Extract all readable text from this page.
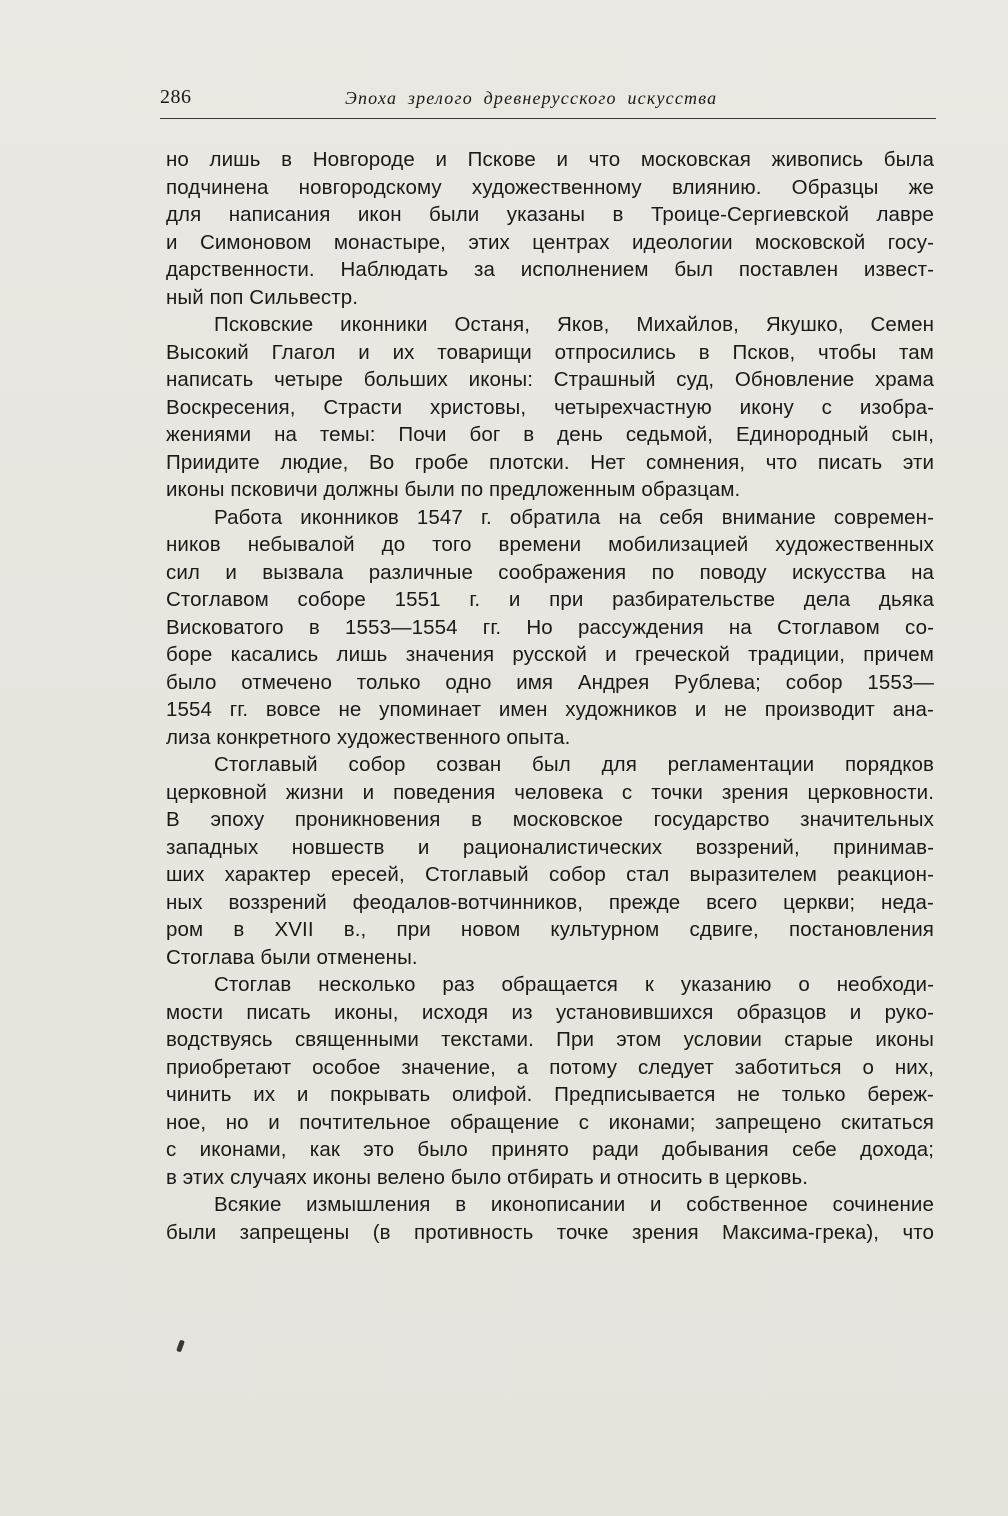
286	Эпоха зрелого древнерусского искусства
но лишь в Новгороде и Пскове и что московская живопись была
подчинена новгородскому художественному влиянию. Образцы же
для написания икон были указаны в Троице-Сергиевской лавре
и Симоновом монастыре, этих центрах идеологии московской госу-
дарственности. Наблюдать за исполнением был поставлен извест-
ный поп Сильвестр.
Псковские иконники Останя, Яков, Михайлов, Якушко, Семен
Высокий Глагол и их товарищи отпросились в Псков, чтобы там
написать четыре больших иконы: Страшный суд, Обновление храма
Воскресения, Страсти христовы, четырехчастную икону с изобра-
жениями на темы: Почи бог в день седьмой, Единородный сын,
Приидите людие, Во гробе плотски. Нет сомнения, что писать эти
иконы псковичи должны были по предложенным образцам.
Работа иконников 1547 г. обратила на себя внимание современ-
ников небывалой до того времени мобилизацией художественных
сил и вызвала различные соображения по поводу искусства на
Стоглавом соборе 1551 г. и при разбирательстве дела дьяка
Висковатого в 1553—1554 гг. Но рассуждения на Стоглавом со-
боре касались лишь значения русской и греческой традиции, причем
было отмечено только одно имя Андрея Рублева; собор 1553—
1554 гг. вовсе не упоминает имен художников и не производит ана-
лиза конкретного художественного опыта.
Стоглавый собор созван был для регламентации порядков
церковной жизни и поведения человека с точки зрения церковности.
В эпоху проникновения в московское государство значительных
западных новшеств и рационалистических воззрений, принимав-
ших характер ересей, Стоглавый собор стал выразителем реакцион-
ных воззрений феодалов-вотчинников, прежде всего церкви; неда-
ром в XVII в., при новом культурном сдвиге, постановления
Стоглава были отменены.
Стоглав несколько раз обращается к указанию о необходи-
мости писать иконы, исходя из установившихся образцов и руко-
водствуясь священными текстами. При этом условии старые иконы
приобретают особое значение, а потому следует заботиться о них,
чинить их и покрывать олифой. Предписывается не только береж-
ное, но и почтительное обращение с иконами; запрещено скитаться
с иконами, как это было принято ради добывания себе дохода;
в этих случаях иконы велено было отбирать и относить в церковь.
Всякие измышления в иконописании и собственное сочинение
были запрещены (в противность точке зрения Максима-грека), что
